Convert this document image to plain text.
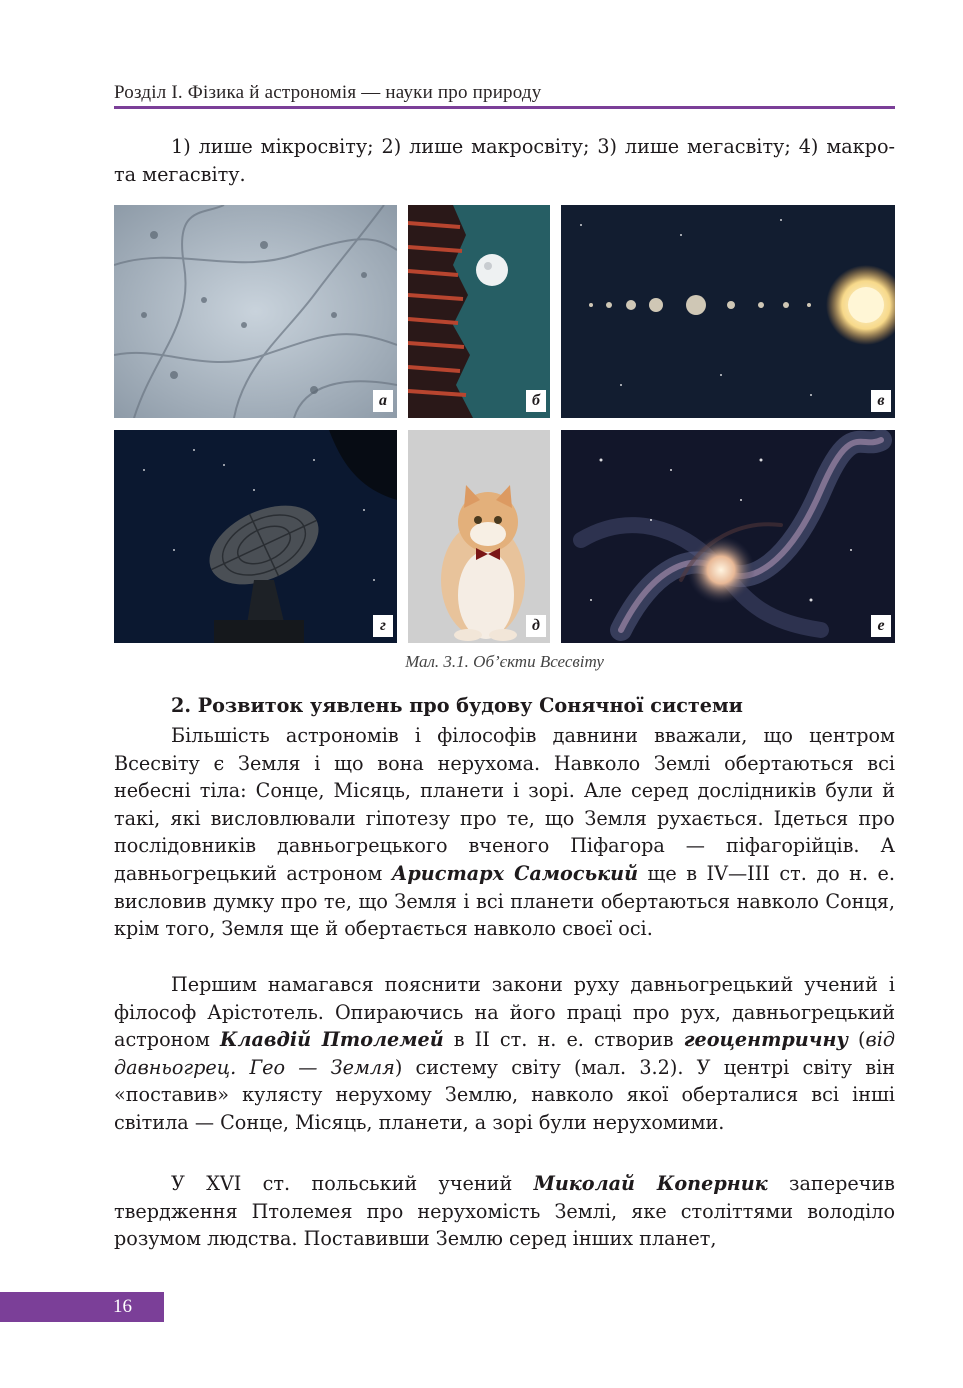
Розділ І. Фізика й астрономія — науки про природу

1) лише мікросвіту; 2) лише макросвіту; 3) лише мегасвіту; 4) макро- та мегасвіту.

а	б	в
г	д	е
Мал. 3.1. Об’єкти Всесвіту
2. Розвиток уявлень про будову Сонячної системи

Більшість астрономів і філософів давнини вважали, що центром Всесвіту є Земля і що вона нерухома. Навколо Землі обертаються всі небесні тіла: Сонце, Місяць, планети і зорі. Але серед дослідників були й такі, які висловлювали гіпотезу про те, що Земля рухається. Ідеться про послідовників давньогрецького вченого Піфагора — піфагорійців. А давньогрецький астроном Аристарх Самоський ще в IV—III ст. до н. е. висловив думку про те, що Земля і всі планети обертаються навколо Сонця, крім того, Земля ще й обертається навколо своєї осі.

Першим намагався пояснити закони руху давньогрецький учений і філософ Арістотель. Опираючись на його праці про рух, давньогрецький астроном Клавдій Птолемей в II ст. н. е. створив геоцентричну (від давньогрец. Гео — Земля) систему світу (мал. 3.2). У центрі світу він «поставив» кулясту нерухому Землю, навколо якої оберталися всі інші світила — Сонце, Місяць, планети, а зорі були нерухомими.

У XVI ст. польський учений Миколай Коперник заперечив твердження Птолемея про нерухомість Землі, яке століттями володіло розумом людства. Поставивши Землю серед інших планет,

16
